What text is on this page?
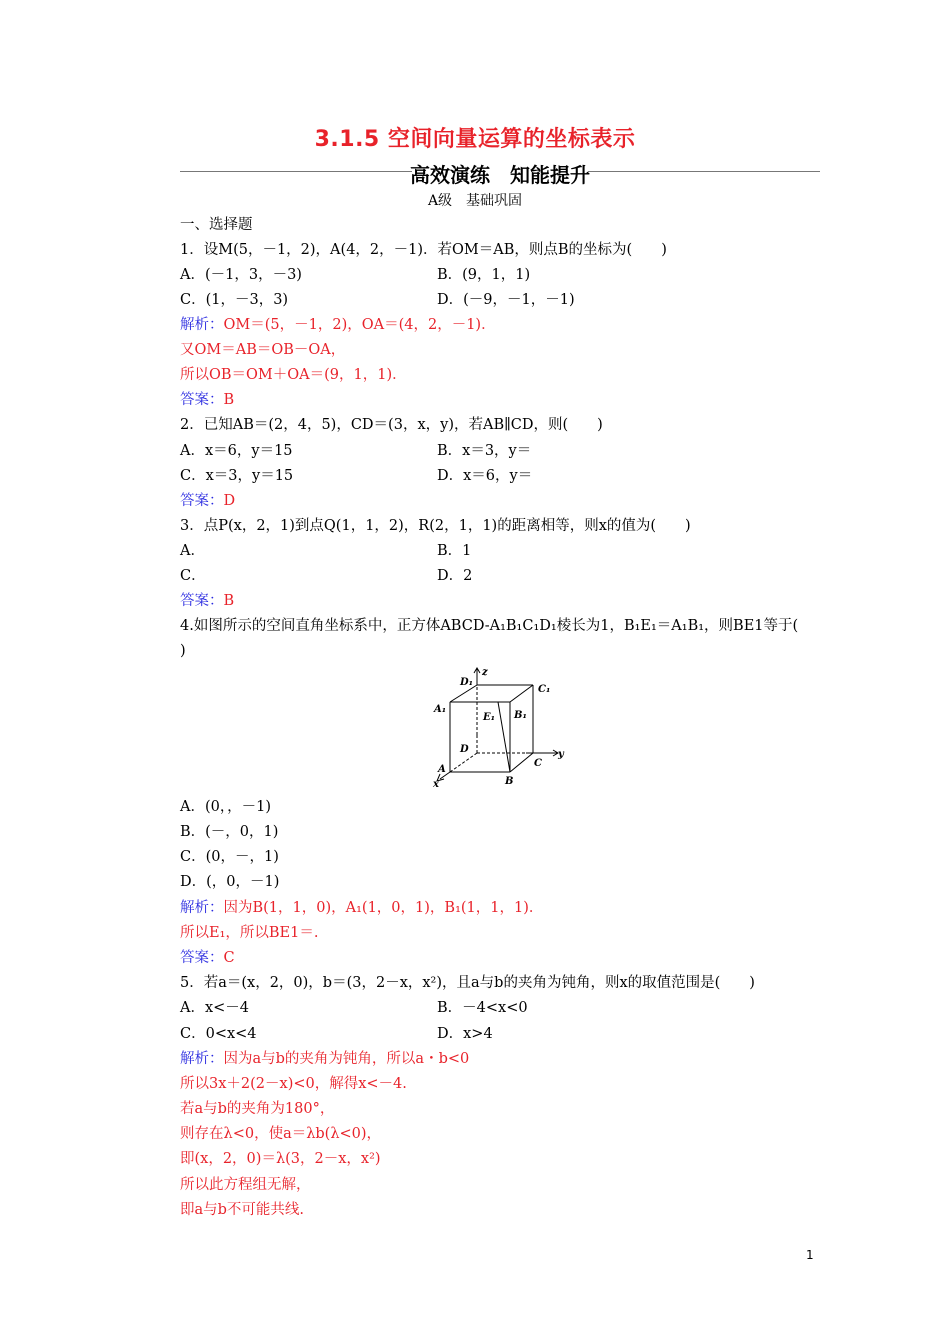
3.1.5 空间向量运算的坐标表示
高效演练　知能提升
A级　基础巩固
一、选择题
1．设M(5，－1，2)，A(4，2，－1)．若OM＝AB，则点B的坐标为(　　)
A．(－1，3，－3)	B．(9，1，1)
C．(1，－3，3)	D．(－9，－1，－1)
解析：OM＝(5，－1，2)，OA＝(4，2，－1)．
又OM＝AB＝OB－OA，
所以OB＝OM＋OA＝(9，1，1)．
答案：B
2．已知AB＝(2，4，5)，CD＝(3，x，y)，若AB∥CD，则(　　)
A．x＝6，y＝15	B．x＝3，y＝
C．x＝3，y＝15	D．x＝6，y＝
答案：D
3．点P(x，2，1)到点Q(1，1，2)，R(2，1，1)的距离相等，则x的值为(　　)
A．	B．1
C．	D．2
答案：B
4.如图所示的空间直角坐标系中，正方体ABCD-A₁B₁C₁D₁棱长为1，B₁E₁＝A₁B₁，则BE1等于(
)
z
y
x
D₁
C₁
A₁
B₁
E₁
D
C
A
B
A．(0，，－1)
B．(－，0，1)
C．(0，－，1)
D．(，0，－1)
解析：因为B(1，1，0)，A₁(1，0，1)，B₁(1，1，1)．
所以E₁，所以BE1＝.
答案：C
5．若a＝(x，2，0)，b＝(3，2－x，x²)，且a与b的夹角为钝角，则x的取值范围是(　　)
A．x<－4	B．－4<x<0
C．0<x<4	D．x>4
解析：因为a与b的夹角为钝角，所以a・b<0
所以3x＋2(2－x)<0，解得x<－4.
若a与b的夹角为180°，
则存在λ<0，使a＝λb(λ<0)，
即(x，2，0)＝λ(3，2－x，x²)
所以此方程组无解，
即a与b不可能共线.
1
